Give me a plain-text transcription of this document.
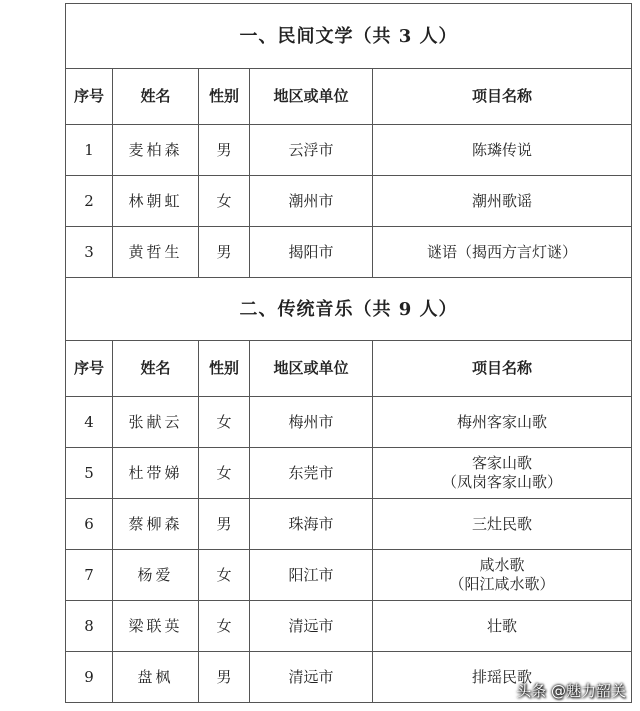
一、民间文学（共 3 人）				
序号	姓名	性别	地区或单位	项目名称
1	麦柏森	男	云浮市	陈璘传说

2	林朝虹	女	潮州市	潮州歌谣

3	黄哲生	男	揭阳市	谜语（揭西方言灯谜）

二、传统音乐（共 9 人）				
序号	姓名	性别	地区或单位	项目名称
4	张献云	女	梅州市	梅州客家山歌

5	杜带娣	女	东莞市	客家山歌
（凤岗客家山歌）

6	蔡柳森	男	珠海市	三灶民歌

7	杨爱	女	阳江市	咸水歌
（阳江咸水歌）

8	梁联英	女	清远市	壮歌

9	盘枫	男	清远市	排瑶民歌
头条 @魅力韶关
